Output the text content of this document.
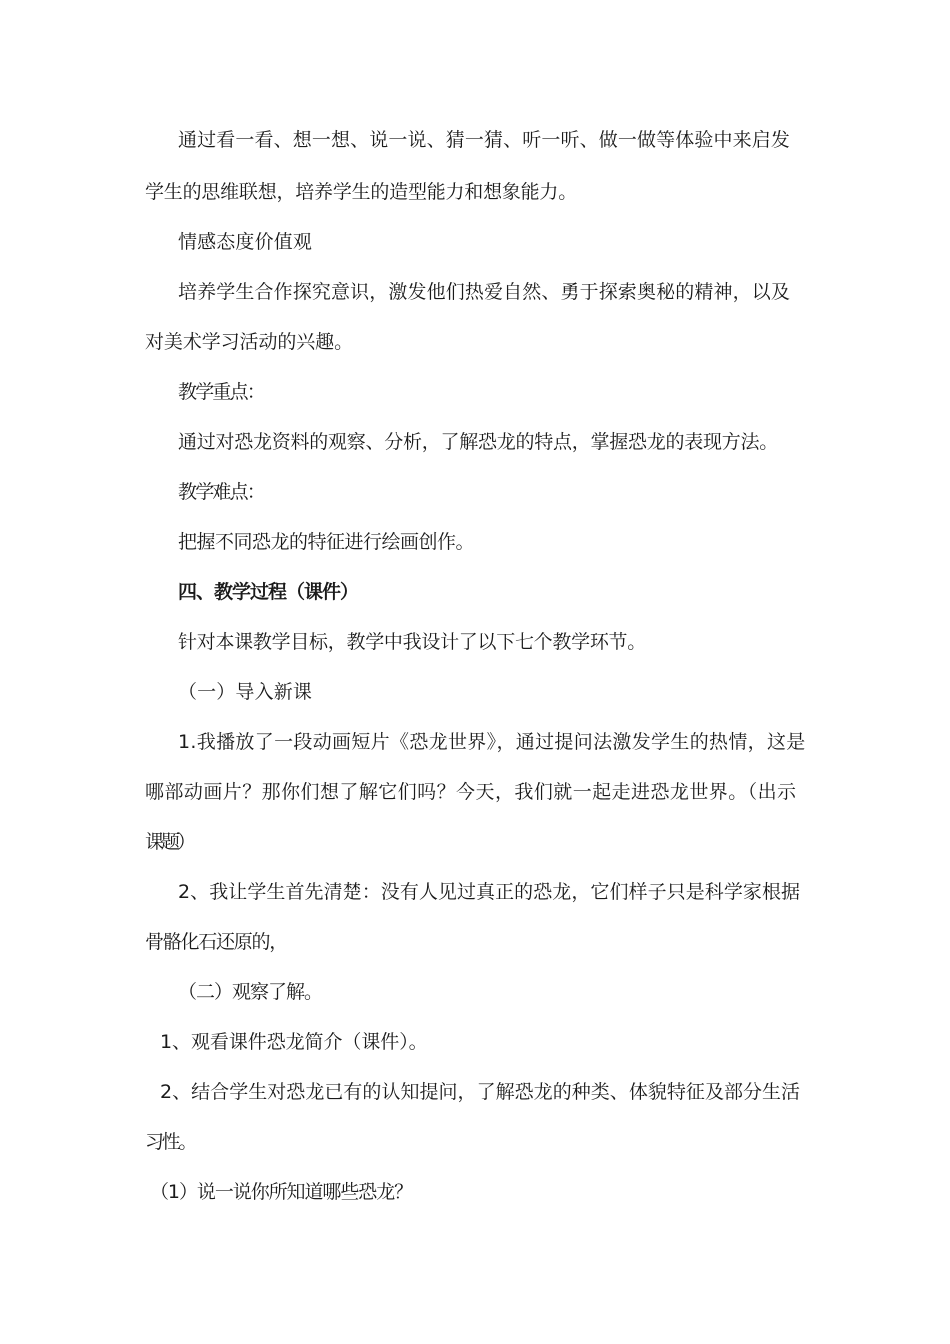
通过看一看、想一想、说一说、猜一猜、听一听、做一做等体验中来启发
学生的思维联想，培养学生的造型能力和想象能力。
情感态度价值观
培养学生合作探究意识，激发他们热爱自然、勇于探索奥秘的精神，以及
对美术学习活动的兴趣。
教学重点：
通过对恐龙资料的观察、分析，了解恐龙的特点，掌握恐龙的表现方法。
教学难点：
把握不同恐龙的特征进行绘画创作。
四、教学过程（课件）
针对本课教学目标，教学中我设计了以下七个教学环节。
（一）导入新课
1.我播放了一段动画短片《恐龙世界》，通过提问法激发学生的热情，这是
哪部动画片？那你们想了解它们吗？今天，我们就一起走进恐龙世界。（出示
课题）
2、我让学生首先清楚：没有人见过真正的恐龙，它们样子只是科学家根据
骨骼化石还原的，
（二）观察了解。
1、观看课件恐龙简介（课件）。
2、结合学生对恐龙已有的认知提问，了解恐龙的种类、体貌特征及部分生活
习性。
（1）说一说你所知道哪些恐龙？
